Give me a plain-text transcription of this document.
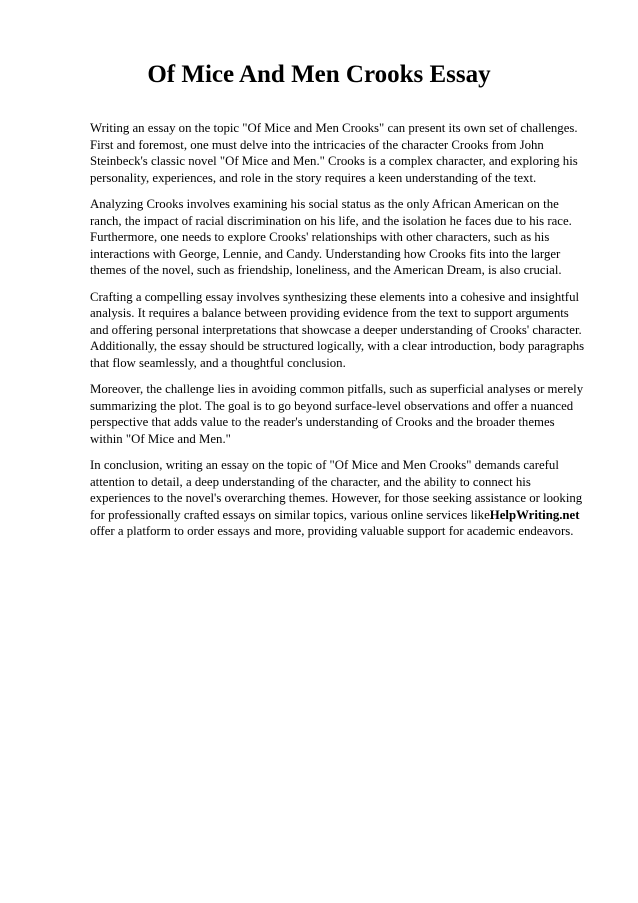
Of Mice And Men Crooks Essay

Writing an essay on the topic "Of Mice and Men Crooks" can present its own set of challenges.
First and foremost, one must delve into the intricacies of the character Crooks from John
Steinbeck's classic novel "Of Mice and Men." Crooks is a complex character, and exploring his
personality, experiences, and role in the story requires a keen understanding of the text.

Analyzing Crooks involves examining his social status as the only African American on the
ranch, the impact of racial discrimination on his life, and the isolation he faces due to his race.
Furthermore, one needs to explore Crooks' relationships with other characters, such as his
interactions with George, Lennie, and Candy. Understanding how Crooks fits into the larger
themes of the novel, such as friendship, loneliness, and the American Dream, is also crucial.

Crafting a compelling essay involves synthesizing these elements into a cohesive and insightful
analysis. It requires a balance between providing evidence from the text to support arguments
and offering personal interpretations that showcase a deeper understanding of Crooks' character.
Additionally, the essay should be structured logically, with a clear introduction, body paragraphs
that flow seamlessly, and a thoughtful conclusion.

Moreover, the challenge lies in avoiding common pitfalls, such as superficial analyses or merely
summarizing the plot. The goal is to go beyond surface-level observations and offer a nuanced
perspective that adds value to the reader's understanding of Crooks and the broader themes
within "Of Mice and Men."

In conclusion, writing an essay on the topic of "Of Mice and Men Crooks" demands careful
attention to detail, a deep understanding of the character, and the ability to connect his
experiences to the novel's overarching themes. However, for those seeking assistance or looking
for professionally crafted essays on similar topics, various online services likeHelpWriting.net
offer a platform to order essays and more, providing valuable support for academic endeavors.
